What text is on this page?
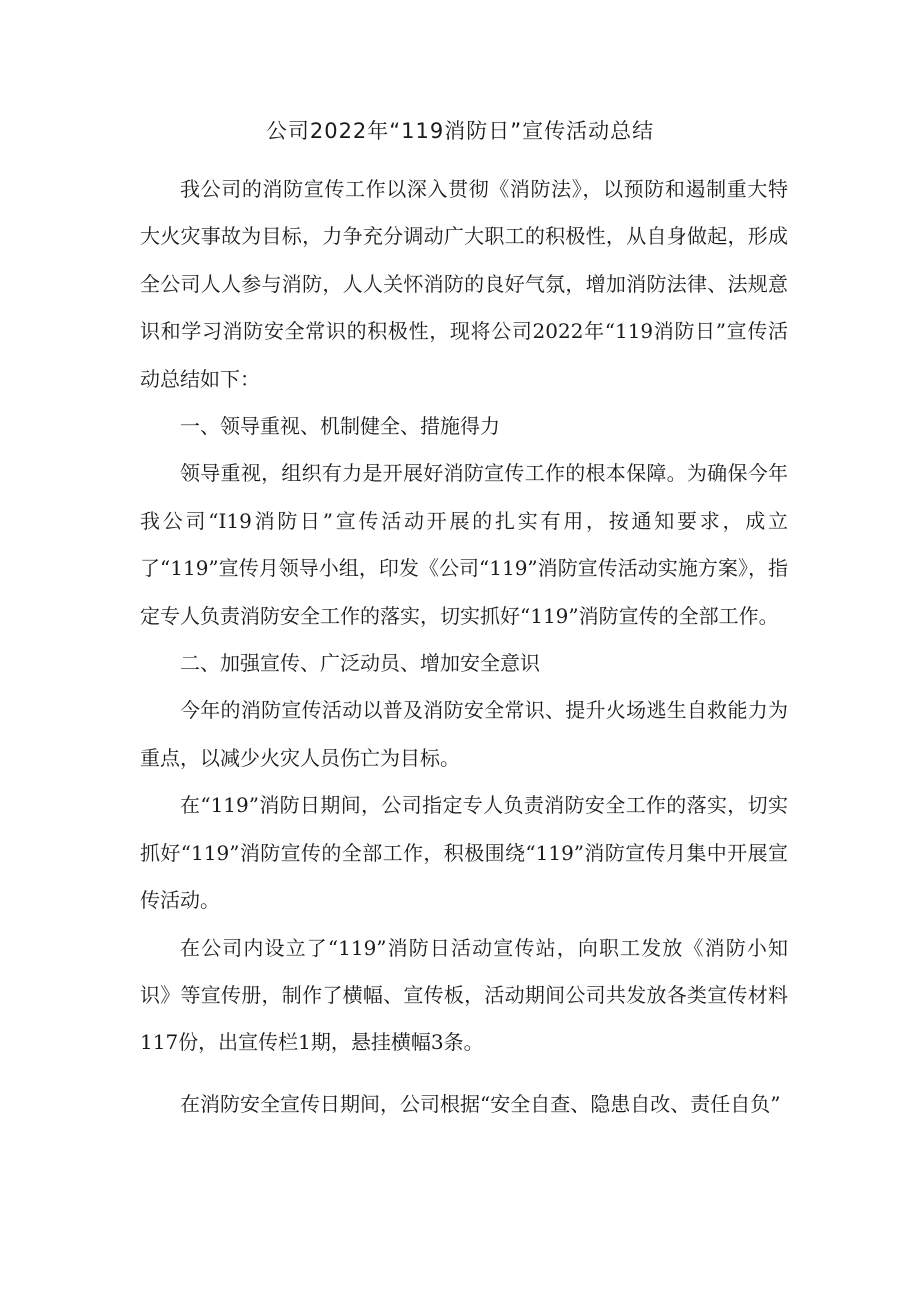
公司2022年“119消防日”宣传活动总结

我公司的消防宣传工作以深入贯彻《消防法》，以预防和遏制重大特大火灾事故为目标，力争充分调动广大职工的积极性，从自身做起，形成全公司人人参与消防，人人关怀消防的良好气氛，增加消防法律、法规意识和学习消防安全常识的积极性，现将公司2022年“119消防日”宣传活动总结如下：

一、领导重视、机制健全、措施得力

领导重视，组织有力是开展好消防宣传工作的根本保障。为确保今年我公司“I19消防日”宣传活动开展的扎实有用，按通知要求，成立了“119”宣传月领导小组，印发《公司“119”消防宣传活动实施方案》，指定专人负责消防安全工作的落实，切实抓好“119”消防宣传的全部工作。

二、加强宣传、广泛动员、增加安全意识

今年的消防宣传活动以普及消防安全常识、提升火场逃生自救能力为重点，以减少火灾人员伤亡为目标。

在“119”消防日期间，公司指定专人负责消防安全工作的落实，切实抓好“119”消防宣传的全部工作，积极围绕“119”消防宣传月集中开展宣传活动。

在公司内设立了“119”消防日活动宣传站，向职工发放《消防小知识》等宣传册，制作了横幅、宣传板，活动期间公司共发放各类宣传材料117份，出宣传栏1期，悬挂横幅3条。

在消防安全宣传日期间，公司根据“安全自查、隐患自改、责任自负”
